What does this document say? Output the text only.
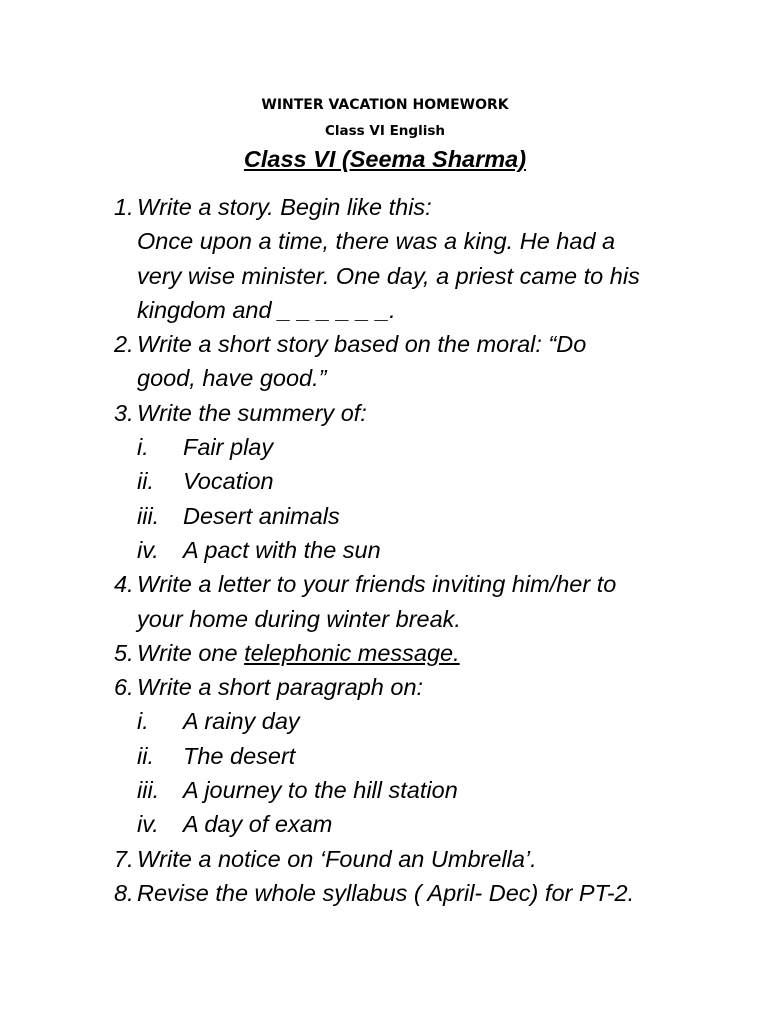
WINTER VACATION HOMEWORK
Class VI English
Class VI (Seema Sharma)
1. Write a story. Begin like this:
Once upon a time, there was a king. He had a
very wise minister. One day, a priest came to his
kingdom and _ _ _ _ _ _.
2. Write a short story based on the moral: “Do
good, have good.”
3. Write the summery of:
i. Fair play
ii. Vocation
iii. Desert animals
iv. A pact with the sun
4. Write a letter to your friends inviting him/her to
your home during winter break.
5. Write one telephonic message.
6. Write a short paragraph on:
i. A rainy day
ii. The desert
iii. A journey to the hill station
iv. A day of exam
7. Write a notice on ‘Found an Umbrella’.
8. Revise the whole syllabus ( April- Dec) for PT-2.
